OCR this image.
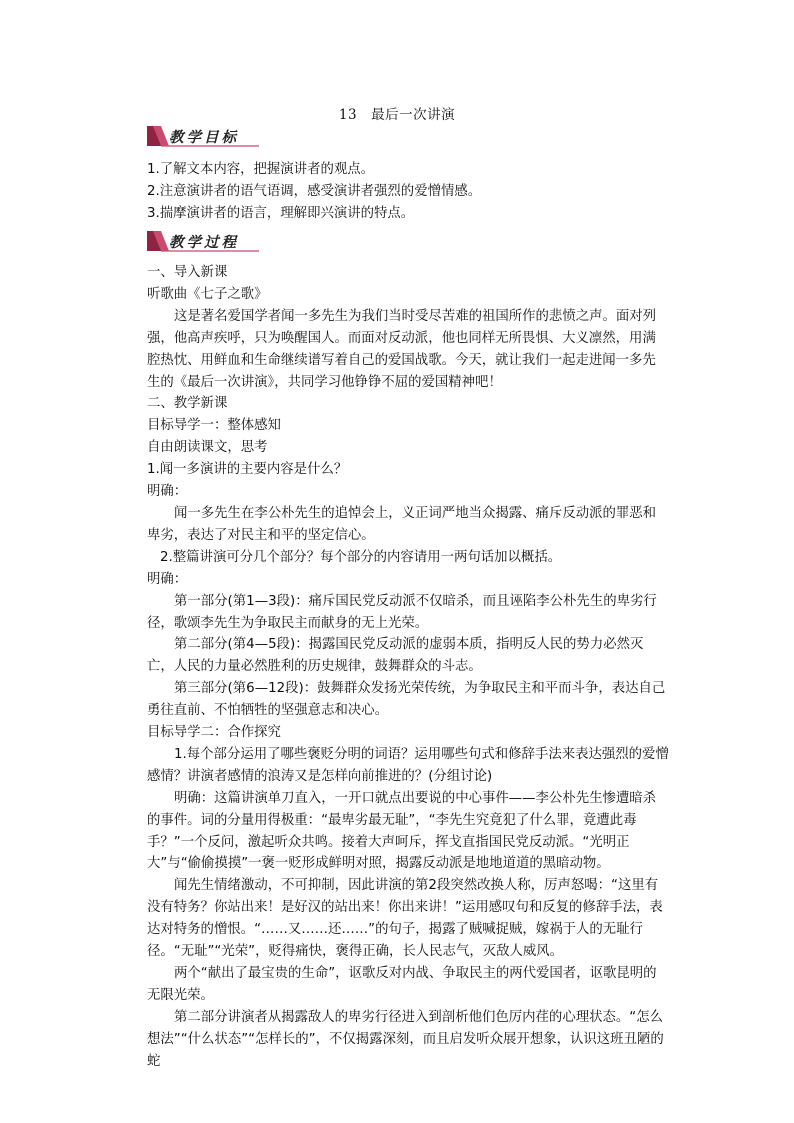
13　最后一次讲演
教学目标

1.了解文本内容，把握演讲者的观点。

2.注意演讲者的语气语调，感受演讲者强烈的爱憎情感。

3.揣摩演讲者的语言，理解即兴演讲的特点。

教学过程

一、导入新课

听歌曲《七子之歌》

这是著名爱国学者闻一多先生为我们当时受尽苦难的祖国所作的悲愤之声。面对列强，他高声疾呼，只为唤醒国人。而面对反动派，他也同样无所畏惧、大义凛然，用满腔热忱、用鲜血和生命继续谱写着自己的爱国战歌。今天，就让我们一起走进闻一多先生的《最后一次讲演》，共同学习他铮铮不屈的爱国精神吧！

二、教学新课

目标导学一：整体感知

自由朗读课文，思考

1.闻一多演讲的主要内容是什么？

明确：

闻一多先生在李公朴先生的追悼会上，义正词严地当众揭露、痛斥反动派的罪恶和卑劣，表达了对民主和平的坚定信心。

2.整篇讲演可分几个部分？每个部分的内容请用一两句话加以概括。

明确：

第一部分(第1—3段)：痛斥国民党反动派不仅暗杀，而且诬陷李公朴先生的卑劣行径，歌颂李先生为争取民主而献身的无上光荣。

第二部分(第4—5段)：揭露国民党反动派的虚弱本质，指明反人民的势力必然灭亡，人民的力量必然胜利的历史规律，鼓舞群众的斗志。

第三部分(第6—12段)：鼓舞群众发扬光荣传统，为争取民主和平而斗争，表达自己勇往直前、不怕牺牲的坚强意志和决心。

目标导学二：合作探究

1.每个部分运用了哪些褒贬分明的词语？运用哪些句式和修辞手法来表达强烈的爱憎感情？讲演者感情的浪涛又是怎样向前推进的？(分组讨论)

明确：这篇讲演单刀直入，一开口就点出要说的中心事件——李公朴先生惨遭暗杀的事件。词的分量用得极重：“最卑劣最无耻”，“李先生究竟犯了什么罪，竟遭此毒手？”一个反问，激起听众共鸣。接着大声呵斥，挥戈直指国民党反动派。“光明正大”与“偷偷摸摸”一褒一贬形成鲜明对照，揭露反动派是地地道道的黑暗动物。

闻先生情绪激动，不可抑制，因此讲演的第2段突然改换人称，厉声怒喝：“这里有没有特务？你站出来！是好汉的站出来！你出来讲！”运用感叹句和反复的修辞手法，表达对特务的憎恨。“……又……还……”的句子，揭露了贼喊捉贼，嫁祸于人的无耻行径。“无耻”“光荣”，贬得痛快，褒得正确，长人民志气，灭敌人威风。

两个“献出了最宝贵的生命”，讴歌反对内战、争取民主的两代爱国者，讴歌昆明的无限光荣。

第二部分讲演者从揭露敌人的卑劣行径进入到剖析他们色厉内荏的心理状态。“怎么想法”“什么状态”“怎样长的”，不仅揭露深刻，而且启发听众展开想象，认识这班丑陋的蛇
